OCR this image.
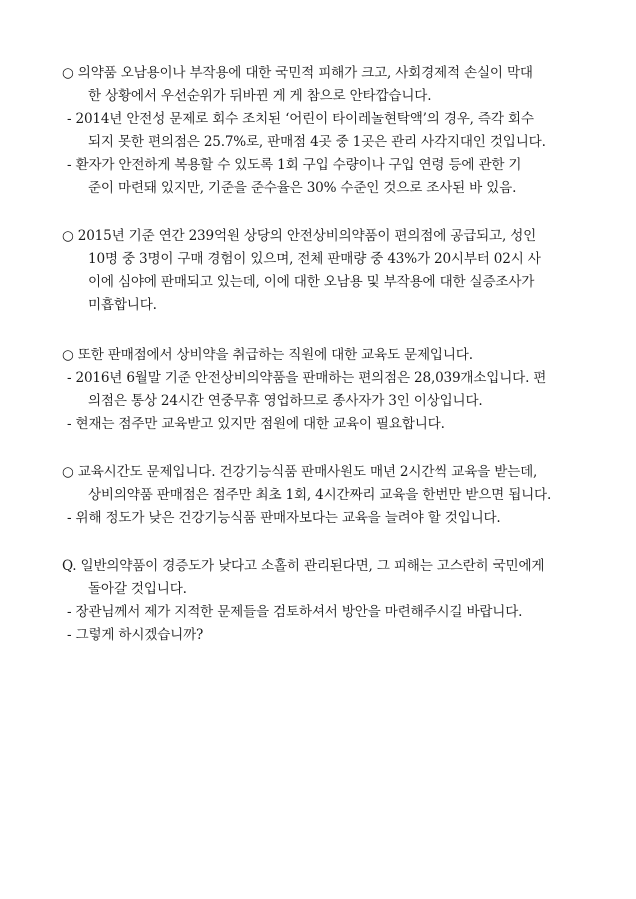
○ 의약품 오남용이나 부작용에 대한 국민적 피해가 크고, 사회경제적 손실이 막대
한 상황에서 우선순위가 뒤바뀐 게 게 참으로 안타깝습니다.
- 2014년 안전성 문제로 회수 조치된 ‘어린이 타이레놀현탁액’의 경우, 즉각 회수
되지 못한 편의점은 25.7%로, 판매점 4곳 중 1곳은 관리 사각지대인 것입니다.
- 환자가 안전하게 복용할 수 있도록 1회 구입 수량이나 구입 연령 등에 관한 기
준이 마련돼 있지만, 기준을 준수율은 30% 수준인 것으로 조사된 바 있음.
○ 2015년 기준 연간 239억원 상당의 안전상비의약품이 편의점에 공급되고, 성인
10명 중 3명이 구매 경험이 있으며, 전체 판매량 중 43%가 20시부터 02시 사
이에 심야에 판매되고 있는데, 이에 대한 오남용 및 부작용에 대한 실증조사가
미흡합니다.
○ 또한 판매점에서 상비약을 취급하는 직원에 대한 교육도 문제입니다.
- 2016년 6월말 기준 안전상비의약품을 판매하는 편의점은 28,039개소입니다. 편
의점은 통상 24시간 연중무휴 영업하므로 종사자가 3인 이상입니다.
- 현재는 점주만 교육받고 있지만 점원에 대한 교육이 필요합니다.
○ 교육시간도 문제입니다. 건강기능식품 판매사원도 매년 2시간씩 교육을 받는데,
상비의약품 판매점은 점주만 최초 1회, 4시간짜리 교육을 한번만 받으면 됩니다.
- 위해 정도가 낮은 건강기능식품 판매자보다는 교육을 늘려야 할 것입니다.
Q. 일반의약품이 경증도가 낮다고 소홀히 관리된다면, 그 피해는 고스란히 국민에게
돌아갈 것입니다.
- 장관님께서 제가 지적한 문제들을 검토하셔서 방안을 마련해주시길 바랍니다.
- 그렇게 하시겠습니까?
